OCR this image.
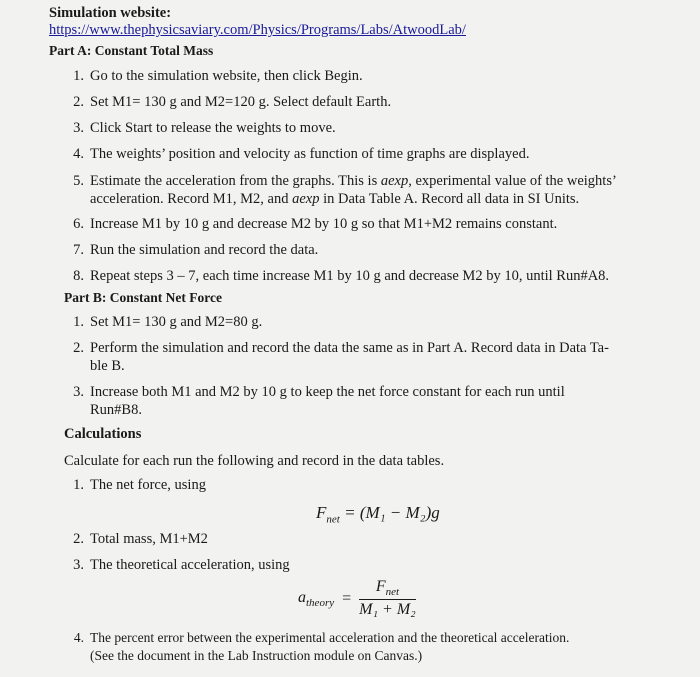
Simulation website:
https://www.thephysicsaviary.com/Physics/Programs/Labs/AtwoodLab/
Part A: Constant Total Mass
1. Go to the simulation website, then click Begin.
2. Set M1= 130 g and M2=120 g. Select default Earth.
3. Click Start to release the weights to move.
4. The weights’ position and velocity as function of time graphs are displayed.
5. Estimate the acceleration from the graphs. This is aexp, experimental value of the weights’
acceleration. Record M1, M2, and aexp in Data Table A. Record all data in SI Units.
6. Increase M1 by 10 g and decrease M2 by 10 g so that M1+M2 remains constant.
7. Run the simulation and record the data.
8. Repeat steps 3 – 7, each time increase M1 by 10 g and decrease M2 by 10, until Run#A8.
Part B: Constant Net Force
1. Set M1= 130 g and M2=80 g.
2. Perform the simulation and record the data the same as in Part A. Record data in Data Ta-
ble B.
3. Increase both M1 and M2 by 10 g to keep the net force constant for each run until
Run#B8.
Calculations
Calculate for each run the following and record in the data tables.
1. The net force, using
$F_{net} = (M_1 - M_2)g$
2. Total mass, M1+M2
3. The theoretical acceleration, using
$a_{theory} = \frac{F_{net}}{\text{M₁ + M₂}}$
4. The percent error between the experimental acceleration and the theoretical acceleration.
(See the document in the Lab Instruction module on Canvas.)
